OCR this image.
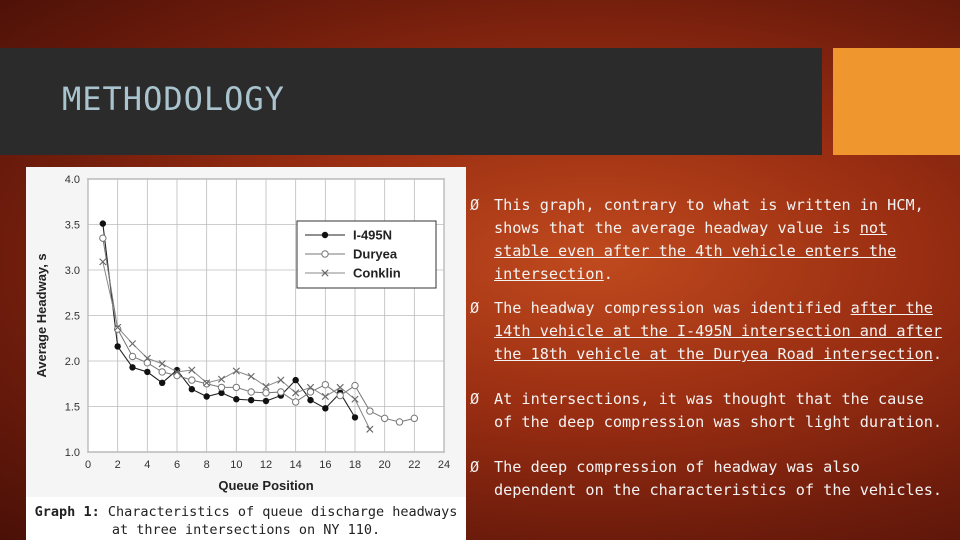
METHODOLOGY
0 2 4 6 8 10 12 14 16 18 20 22 24
1.0
1.5
2.0
2.5
3.0
3.5
4.0
Queue Position
Average Headway, s
I-495N
Duryea
Conklin
Graph 1: Characteristics of queue discharge headways at three intersections on NY 110.
Ø This graph, contrary to what is written in HCM, shows that the average headway value is not stable even after the 4th vehicle enters the intersection.
Ø The headway compression was identified after the 14th vehicle at the I-495N intersection and after the 18th vehicle at the Duryea Road intersection.
Ø At intersections, it was thought that the cause of the deep compression was short light duration.
Ø The deep compression of headway was also dependent on the characteristics of the vehicles.
